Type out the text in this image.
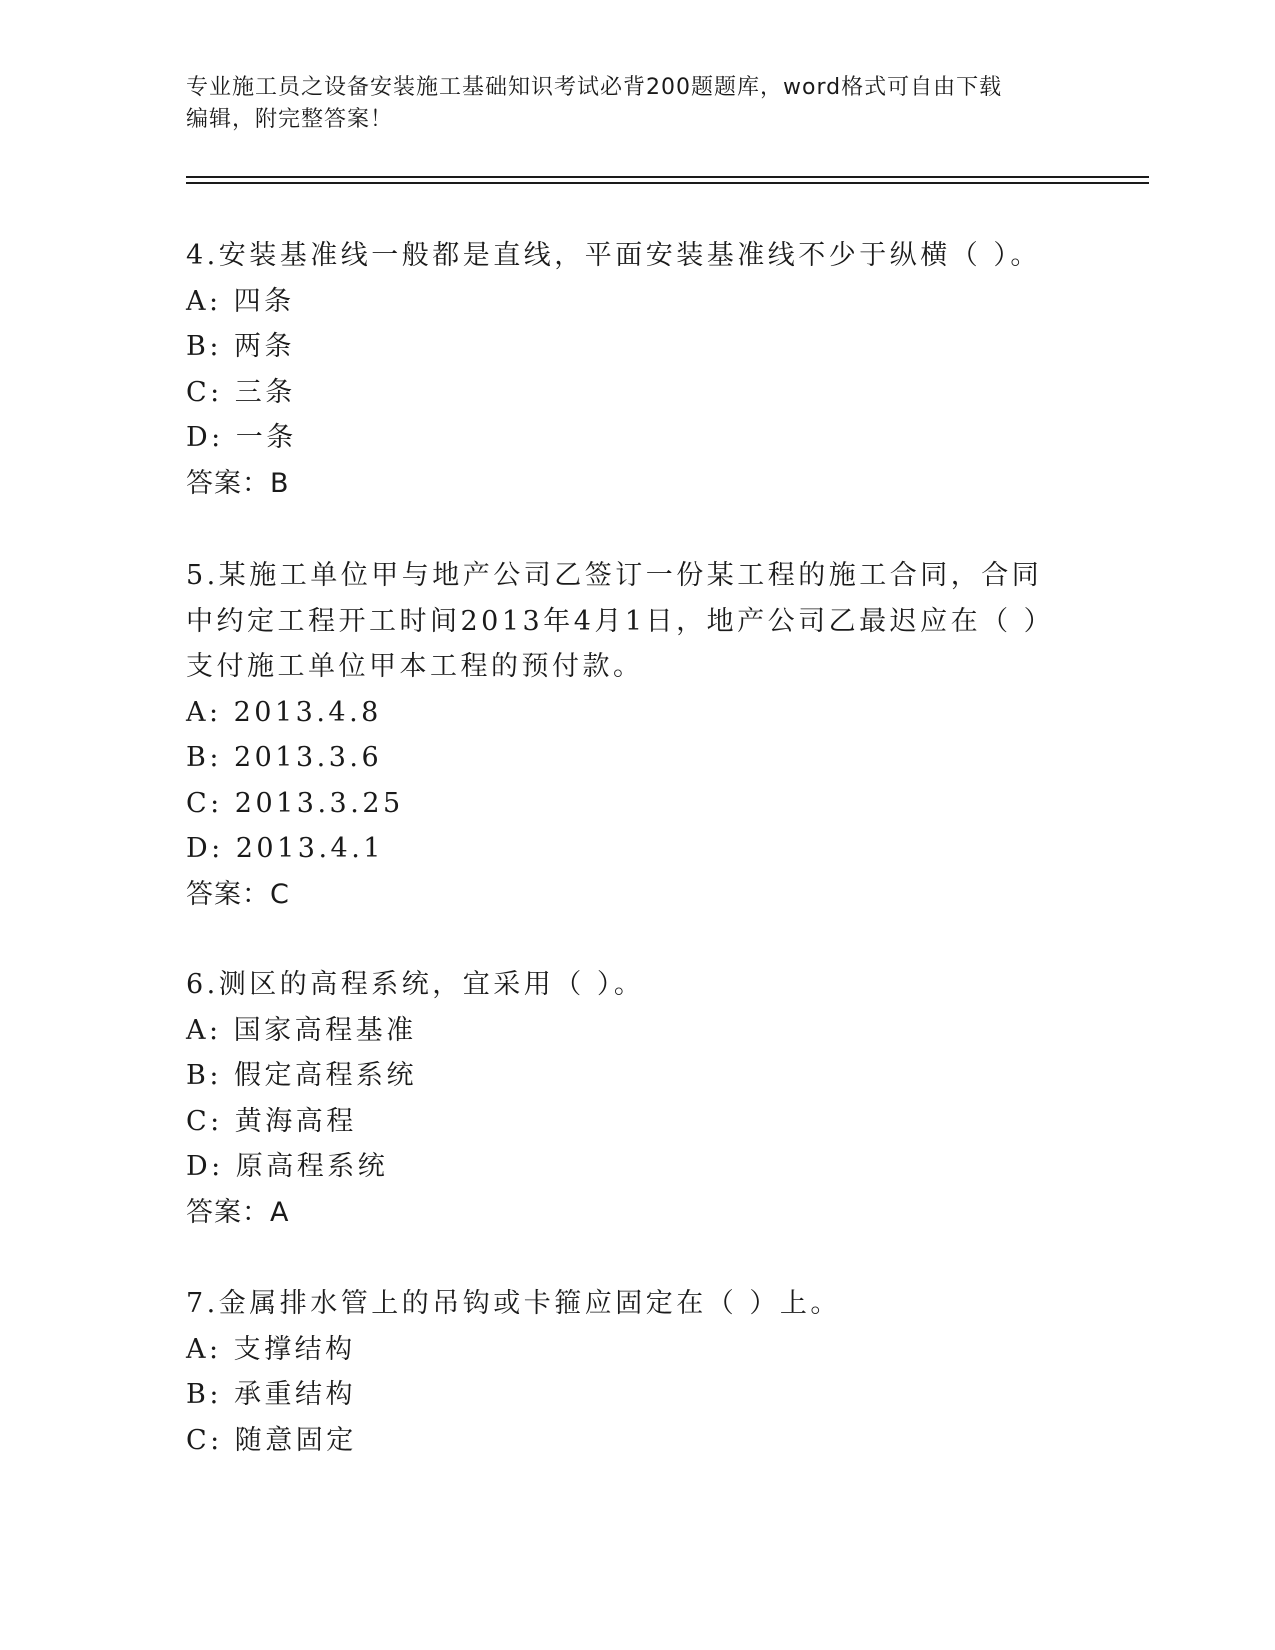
专业施工员之设备安装施工基础知识考试必背200题题库，word格式可自由下载
编辑，附完整答案！
4.安装基准线一般都是直线，平面安装基准线不少于纵横（ ）。
A: 四条
B: 两条
C: 三条
D: 一条
答案：B
5.某施工单位甲与地产公司乙签订一份某工程的施工合同，合同中约定工程开工时间2013年4月1日，地产公司乙最迟应在（ ）支付施工单位甲本工程的预付款。
A: 2013.4.8
B: 2013.3.6
C: 2013.3.25
D: 2013.4.1
答案：C
6.测区的高程系统，宜采用（ ）。
A: 国家高程基准
B: 假定高程系统
C: 黄海高程
D: 原高程系统
答案：A
7.金属排水管上的吊钩或卡箍应固定在（ ）上。
A: 支撑结构
B: 承重结构
C: 随意固定
